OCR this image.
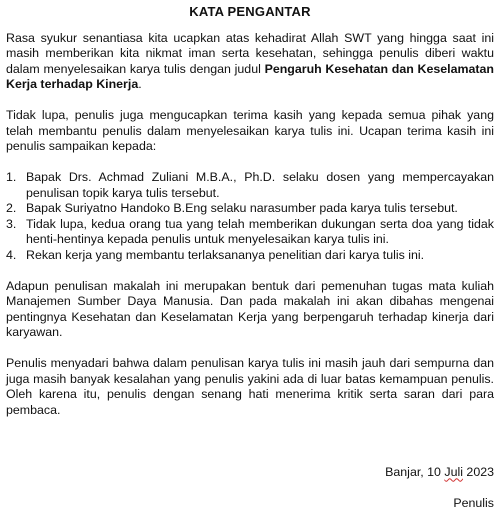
KATA PENGANTAR

Rasa syukur senantiasa kita ucapkan atas kehadirat Allah SWT yang hingga saat ini masih memberikan kita nikmat iman serta kesehatan, sehingga penulis diberi waktu dalam menyelesaikan karya tulis dengan judul Pengaruh Kesehatan dan Keselamatan Kerja terhadap Kinerja.

Tidak lupa, penulis juga mengucapkan terima kasih yang kepada semua pihak yang telah membantu penulis dalam menyelesaikan karya tulis ini. Ucapan terima kasih ini penulis sampaikan kepada:

1. Bapak Drs. Achmad Zuliani M.B.A., Ph.D. selaku dosen yang mempercayakan penulisan topik karya tulis tersebut.
2. Bapak Suriyatno Handoko B.Eng selaku narasumber pada karya tulis tersebut.
3. Tidak lupa, kedua orang tua yang telah memberikan dukungan serta doa yang tidak henti-hentinya kepada penulis untuk menyelesaikan karya tulis ini.
4. Rekan kerja yang membantu terlaksananya penelitian dari karya tulis ini.

Adapun penulisan makalah ini merupakan bentuk dari pemenuhan tugas mata kuliah Manajemen Sumber Daya Manusia. Dan pada makalah ini akan dibahas mengenai pentingnya Kesehatan dan Keselamatan Kerja yang berpengaruh terhadap kinerja dari karyawan.

Penulis menyadari bahwa dalam penulisan karya tulis ini masih jauh dari sempurna dan juga masih banyak kesalahan yang penulis yakini ada di luar batas kemampuan penulis. Oleh karena itu, penulis dengan senang hati menerima kritik serta saran dari para pembaca.

Banjar, 10 Juli 2023
Penulis
